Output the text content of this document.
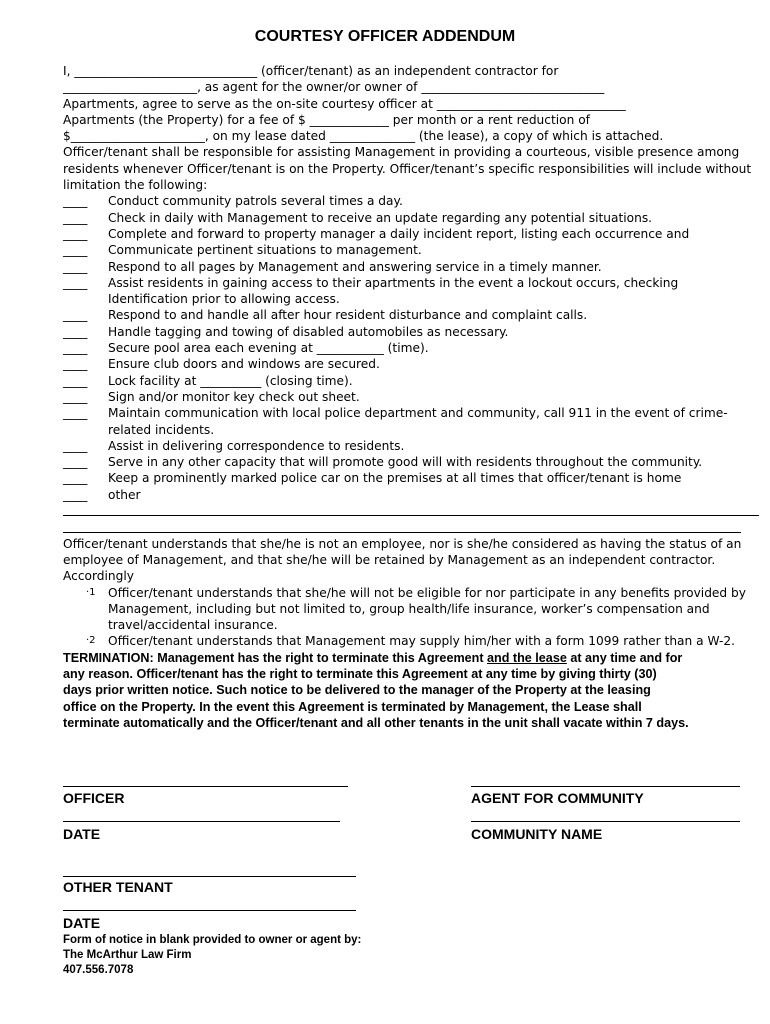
COURTESY OFFICER ADDENDUM
I, ______________________________ (officer/tenant) as an independent contractor for
______________________, as agent for the owner/or owner of ______________________________
Apartments, agree to serve as the on-site courtesy officer at _______________________________
Apartments (the Property) for a fee of $ _____________ per month or a rent reduction of
$______________________, on my lease dated ______________ (the lease), a copy of which is attached.
Officer/tenant shall be responsible for assisting Management in providing a courteous, visible presence among
residents whenever Officer/tenant is on the Property. Officer/tenant’s specific responsibilities will include without
limitation the following:
____	Conduct community patrols several times a day.
____	Check in daily with Management to receive an update regarding any potential situations.
____	Complete and forward to property manager a daily incident report, listing each occurrence and
____	Communicate pertinent situations to management.
____	Respond to all pages by Management and answering service in a timely manner.
____	Assist residents in gaining access to their apartments in the event a lockout occurs, checking Identification prior to allowing access.
____	Respond to and handle all after hour resident disturbance and complaint calls.
____	Handle tagging and towing of disabled automobiles as necessary.
____	Secure pool area each evening at ___________ (time).
____	Ensure club doors and windows are secured.
____	Lock facility at __________ (closing time).
____	Sign and/or monitor key check out sheet.
____	Maintain communication with local police department and community, call 911 in the event of crime-related incidents.
____	Assist in delivering correspondence to residents.
____	Serve in any other capacity that will promote good will with residents throughout the community.
____	Keep a prominently marked police car on the premises at all times that officer/tenant is home
____	other
Officer/tenant understands that she/he is not an employee, nor is she/he considered as having the status of an
employee of Management, and that she/he will be retained by Management as an independent contractor.
Accordingly
·1	Officer/tenant understands that she/he will not be eligible for nor participate in any benefits provided by Management, including but not limited to, group health/life insurance, worker’s compensation and travel/accidental insurance.
·2	Officer/tenant understands that Management may supply him/her with a form 1099 rather than a W-2.
TERMINATION: Management has the right to terminate this Agreement and the lease at any time and for
any reason. Officer/tenant has the right to terminate this Agreement at any time by giving thirty (30)
days prior written notice. Such notice to be delivered to the manager of the Property at the leasing
office on the Property. In the event this Agreement is terminated by Management, the Lease shall
terminate automatically and the Officer/tenant and all other tenants in the unit shall vacate within 7 days.
OFFICER	AGENT FOR COMMUNITY
DATE	COMMUNITY NAME
OTHER TENANT
DATE
Form of notice in blank provided to owner or agent by:
The McArthur Law Firm
407.556.7078
